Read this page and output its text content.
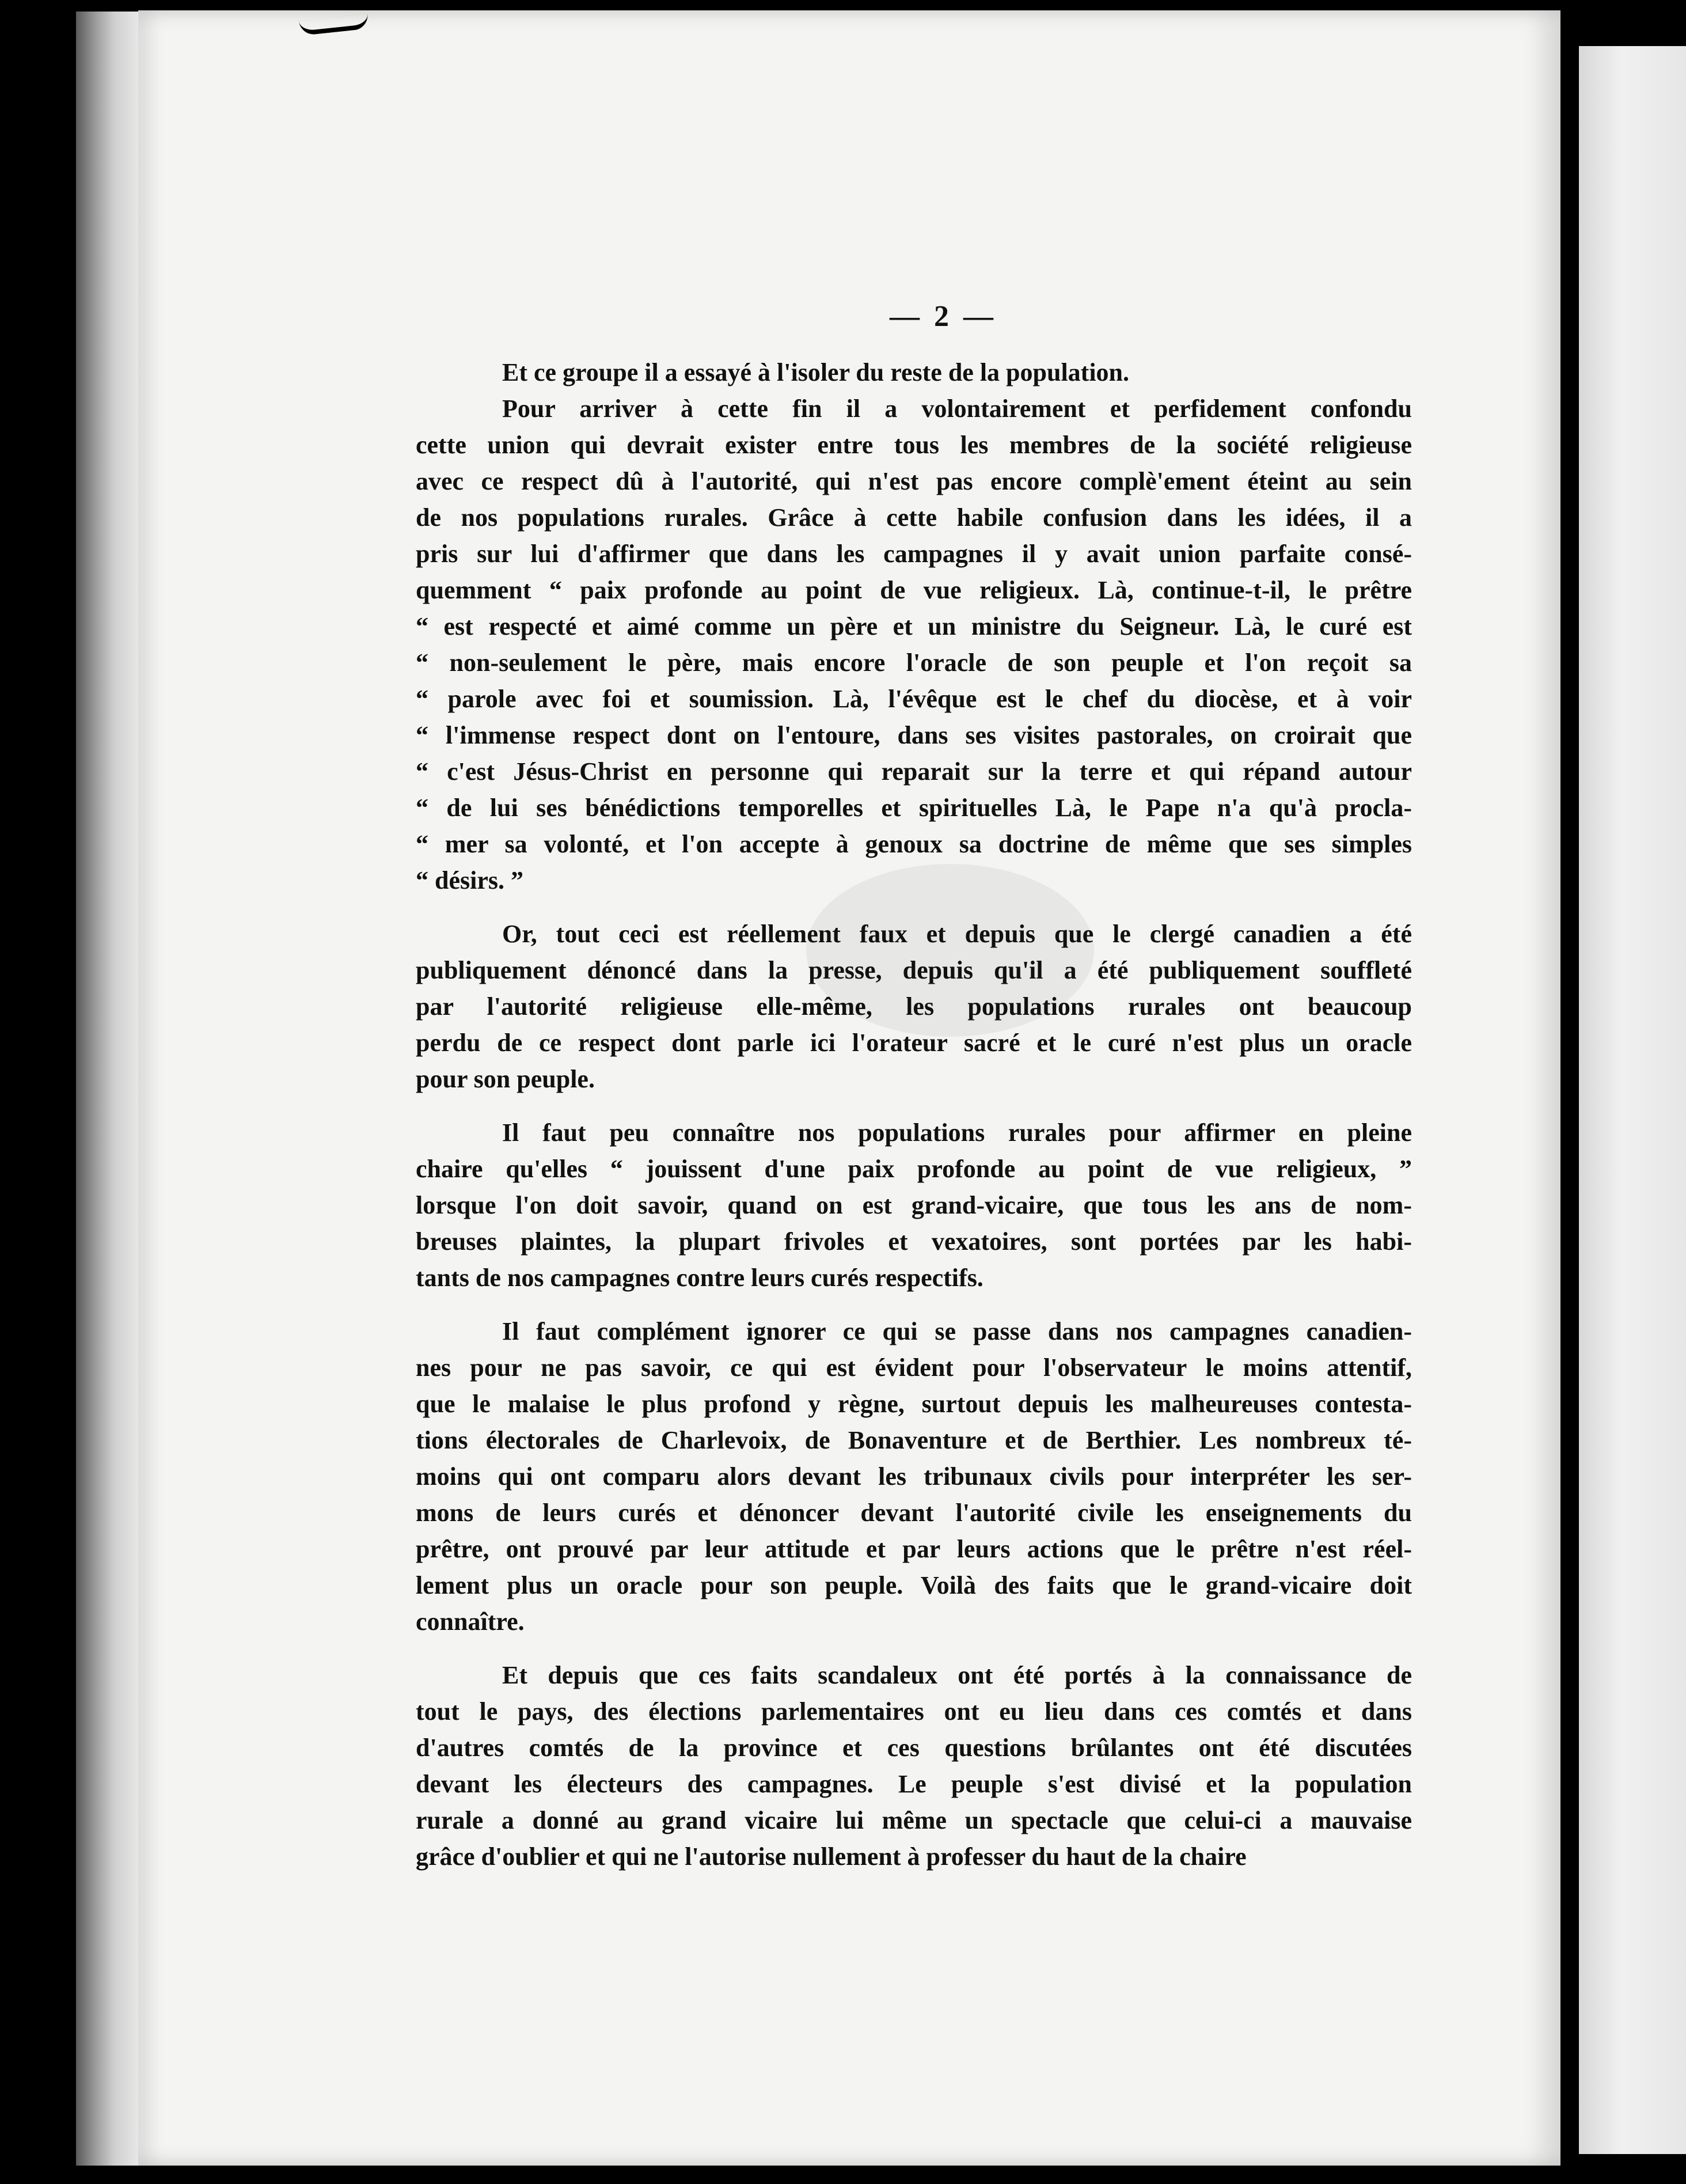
— 2 —
Et ce groupe il a essayé à l'isoler du reste de la population.
Pour arriver à cette fin il a volontairement et perfidement confondu
cette union qui devrait exister entre tous les membres de la société religieuse
avec ce respect dû à l'autorité, qui n'est pas encore complè'ement éteint au sein
de nos populations rurales. Grâce à cette habile confusion dans les idées, il a
pris sur lui d'affirmer que dans les campagnes il y avait union parfaite consé-
quemment “ paix profonde au point de vue religieux. Là, continue-t-il, le prêtre
“ est respecté et aimé comme un père et un ministre du Seigneur. Là, le curé est
“ non-seulement le père, mais encore l'oracle de son peuple et l'on reçoit sa
“ parole avec foi et soumission. Là, l'évêque est le chef du diocèse, et à voir
“ l'immense respect dont on l'entoure, dans ses visites pastorales, on croirait que
“ c'est Jésus-Christ en personne qui reparait sur la terre et qui répand autour
“ de lui ses bénédictions temporelles et spirituelles Là, le Pape n'a qu'à procla-
“ mer sa volonté, et l'on accepte à genoux sa doctrine de même que ses simples
“ désirs. ”
Or, tout ceci est réellement faux et depuis que le clergé canadien a été
publiquement dénoncé dans la presse, depuis qu'il a été publiquement souffleté
par l'autorité religieuse elle-même, les populations rurales ont beaucoup
perdu de ce respect dont parle ici l'orateur sacré et le curé n'est plus un oracle
pour son peuple.
Il faut peu connaître nos populations rurales pour affirmer en pleine
chaire qu'elles “ jouissent d'une paix profonde au point de vue religieux, ”
lorsque l'on doit savoir, quand on est grand-vicaire, que tous les ans de nom-
breuses plaintes, la plupart frivoles et vexatoires, sont portées par les habi-
tants de nos campagnes contre leurs curés respectifs.
Il faut complément ignorer ce qui se passe dans nos campagnes canadien-
nes pour ne pas savoir, ce qui est évident pour l'observateur le moins attentif,
que le malaise le plus profond y règne, surtout depuis les malheureuses contesta-
tions électorales de Charlevoix, de Bonaventure et de Berthier. Les nombreux té-
moins qui ont comparu alors devant les tribunaux civils pour interpréter les ser-
mons de leurs curés et dénoncer devant l'autorité civile les enseignements du
prêtre, ont prouvé par leur attitude et par leurs actions que le prêtre n'est réel-
lement plus un oracle pour son peuple. Voilà des faits que le grand-vicaire doit
connaître.
Et depuis que ces faits scandaleux ont été portés à la connaissance de
tout le pays, des élections parlementaires ont eu lieu dans ces comtés et dans
d'autres comtés de la province et ces questions brûlantes ont été discutées
devant les électeurs des campagnes. Le peuple s'est divisé et la population
rurale a donné au grand vicaire lui même un spectacle que celui-ci a mauvaise
grâce d'oublier et qui ne l'autorise nullement à professer du haut de la chaire
